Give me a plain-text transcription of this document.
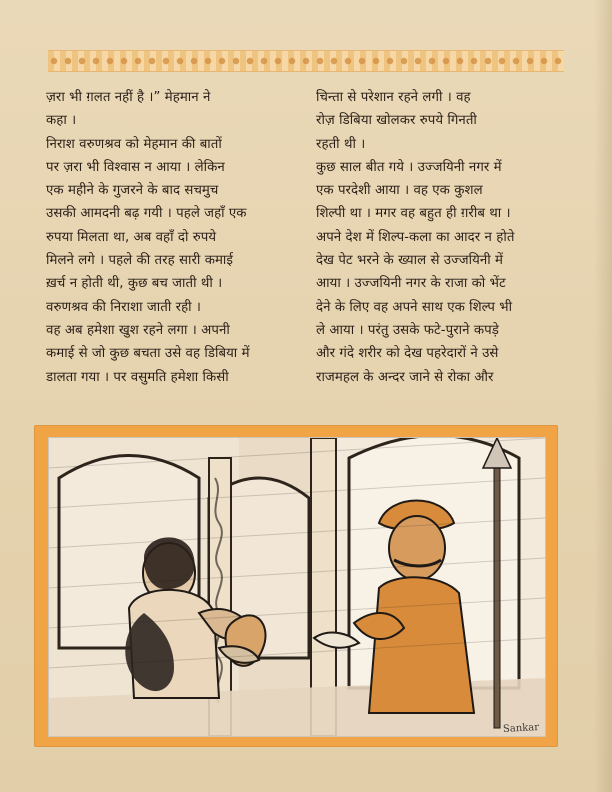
ज़रा भी ग़लत नहीं है ।” मेहमान ने
कहा ।

निराश वरुणश्रव को मेहमान की बातों
पर ज़रा भी विश्वास न आया । लेकिन
एक महीने के गुजरने के बाद सचमुच
उसकी आमदनी बढ़ गयी । पहले जहाँ एक
रुपया मिलता था, अब वहाँ दो रुपये
मिलने लगे । पहले की तरह सारी कमाई
ख़र्च न होती थी, कुछ बच जाती थी ।

वरुणश्रव की निराशा जाती रही ।
वह अब हमेशा खुश रहने लगा । अपनी
कमाई से जो कुछ बचता उसे वह डिबिया में
डालता गया । पर वसुमति हमेशा किसी

चिन्ता से परेशान रहने लगी । वह
रोज़ डिबिया खोलकर रुपये गिनती
रहती थी ।

कुछ साल बीत गये । उज्जयिनी नगर में
एक परदेशी आया । वह एक कुशल
शिल्पी था । मगर वह बहुत ही ग़रीब था ।
अपने देश में शिल्प-कला का आदर न होते
देख पेट भरने के ख्याल से उज्जयिनी में
आया । उज्जयिनी नगर के राजा को भेंट
देने के लिए वह अपने साथ एक शिल्प भी
ले आया । परंतु उसके फटे-पुराने कपड़े
और गंदे शरीर को देख पहरेदारों ने उसे
राजमहल के अन्दर जाने से रोका और

Sankar
